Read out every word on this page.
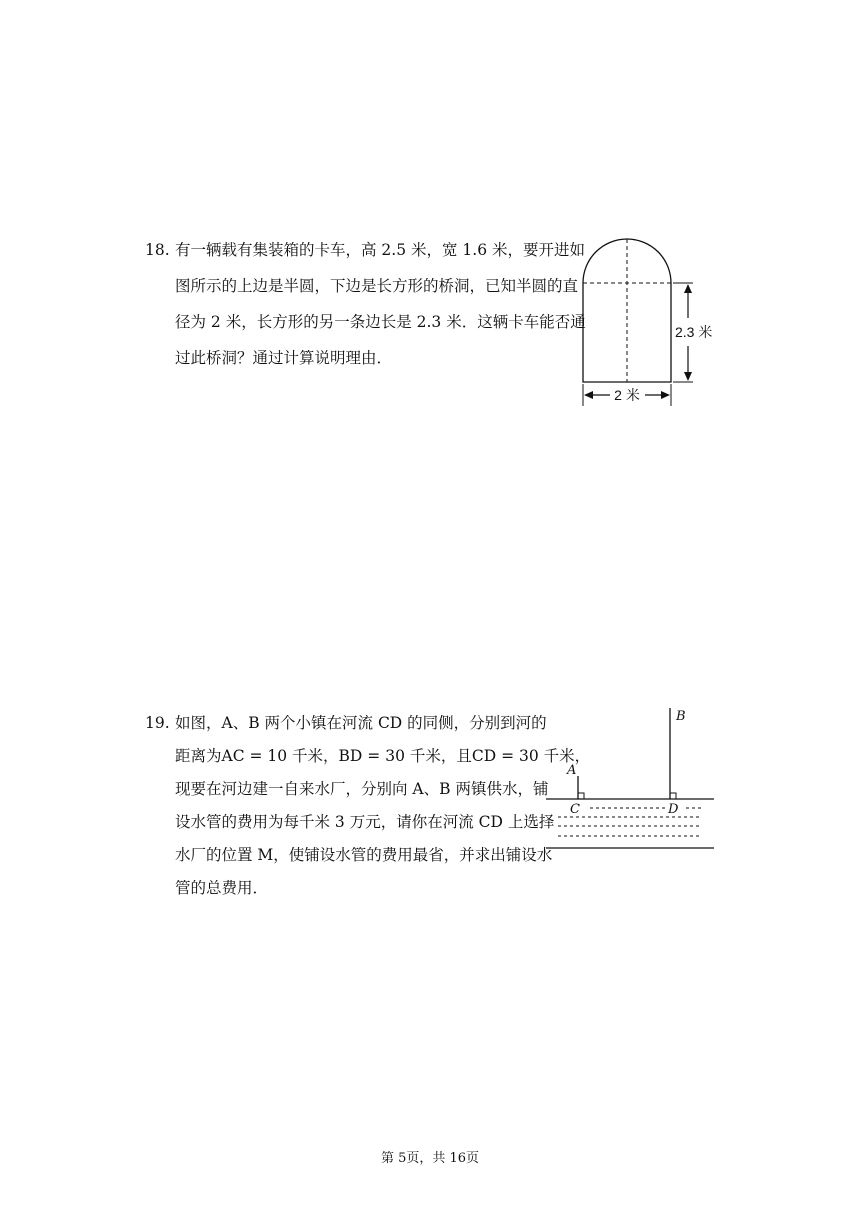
18. 有一辆载有集装箱的卡车，高 2.5 米，宽 1.6 米，要开进如
图所示的上边是半圆，下边是长方形的桥洞，已知半圆的直
径为 2 米，长方形的另一条边长是 2.3 米．这辆卡车能否通
过此桥洞？通过计算说明理由．
2.3 米
2 米
19. 如图，A、B 两个小镇在河流 CD 的同侧，分别到河的
距离为AC = 10 千米，BD = 30 千米，且CD = 30 千米，
现要在河边建一自来水厂，分别向 A、B 两镇供水，铺
设水管的费用为每千米 3 万元，请你在河流 CD 上选择
水厂的位置 M，使铺设水管的费用最省，并求出铺设水
管的总费用．
A
B
C	D
第 5页，共 16页
